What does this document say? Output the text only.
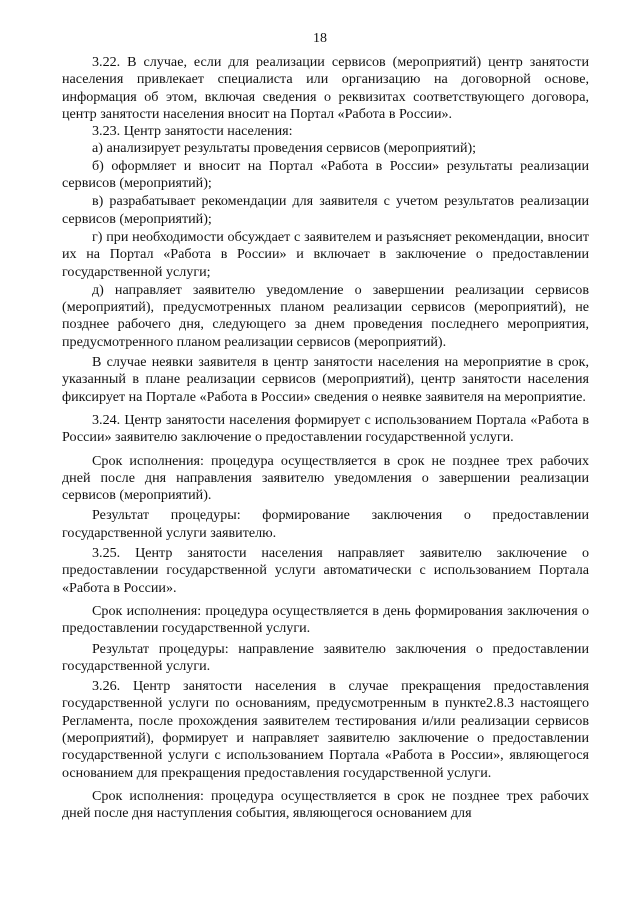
18

3.22. В случае, если для реализации сервисов (мероприятий) центр занятости населения привлекает специалиста или организацию на договорной основе, информация об этом, включая сведения о реквизитах соответствующего договора, центр занятости населения вносит на Портал «Работа в России».

3.23. Центр занятости населения:

а) анализирует результаты проведения сервисов (мероприятий);

б) оформляет и вносит на Портал «Работа в России» результаты реализации сервисов (мероприятий);

в) разрабатывает рекомендации для заявителя с учетом результатов реализации сервисов (мероприятий);

г) при необходимости обсуждает с заявителем и разъясняет рекомендации, вносит их на Портал «Работа в России» и включает в заключение о предоставлении государственной услуги;

д) направляет заявителю уведомление о завершении реализации сервисов (мероприятий), предусмотренных планом реализации сервисов (мероприятий), не позднее рабочего дня, следующего за днем проведения последнего мероприятия, предусмотренного планом реализации сервисов (мероприятий).

В случае неявки заявителя в центр занятости населения на мероприятие в срок, указанный в плане реализации сервисов (мероприятий), центр занятости населения фиксирует на Портале «Работа в России» сведения о неявке заявителя на мероприятие.

3.24. Центр занятости населения формирует с использованием Портала «Работа в России» заявителю заключение о предоставлении государственной услуги.

Срок исполнения: процедура осуществляется в срок не позднее трех рабочих дней после дня направления заявителю уведомления о завершении реализации сервисов (мероприятий).

Результат процедуры: формирование заключения о предоставлении государственной услуги заявителю.

3.25. Центр занятости населения направляет заявителю заключение о предоставлении государственной услуги автоматически с использованием Портала «Работа в России».

Срок исполнения: процедура осуществляется в день формирования заключения о предоставлении государственной услуги.

Результат процедуры: направление заявителю заключения о предоставлении государственной услуги.

3.26. Центр занятости населения в случае прекращения предоставления государственной услуги по основаниям, предусмотренным в пункте2.8.3 настоящего Регламента, после прохождения заявителем тестирования и/или реализации сервисов (мероприятий), формирует и направляет заявителю заключение о предоставлении государственной услуги с использованием Портала «Работа в России», являющегося основанием для прекращения предоставления государственной услуги.

Срок исполнения: процедура осуществляется в срок не позднее трех рабочих дней после дня наступления события, являющегося основанием для
